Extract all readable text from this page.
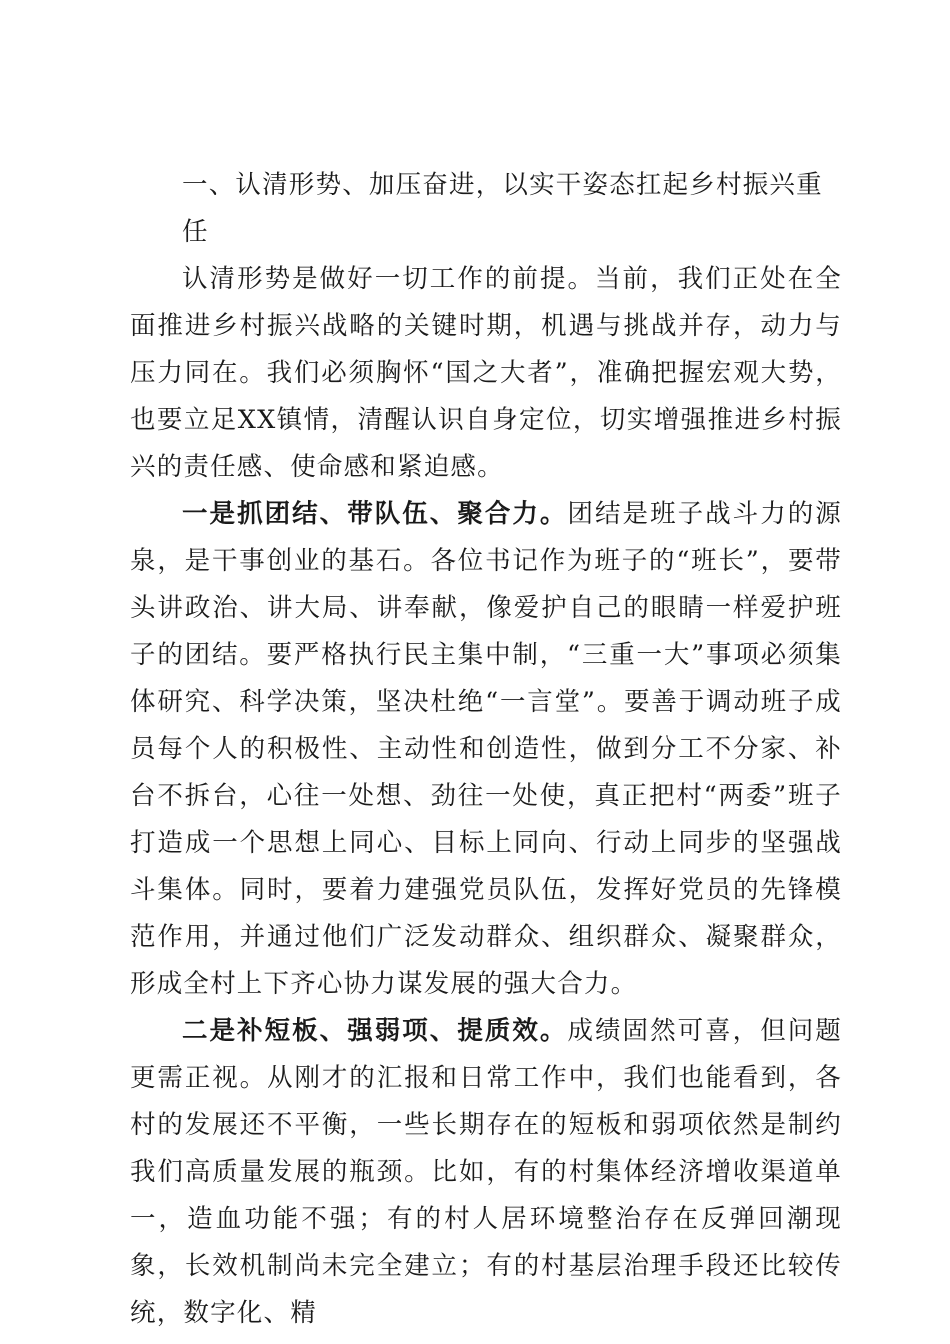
一、认清形势、加压奋进，以实干姿态扛起乡村振兴重任

认清形势是做好一切工作的前提。当前，我们正处在全面推进乡村振兴战略的关键时期，机遇与挑战并存，动力与压力同在。我们必须胸怀“国之大者”，准确把握宏观大势，也要立足XX镇情，清醒认识自身定位，切实增强推进乡村振兴的责任感、使命感和紧迫感。

一是抓团结、带队伍、聚合力。团结是班子战斗力的源泉，是干事创业的基石。各位书记作为班子的“班长”，要带头讲政治、讲大局、讲奉献，像爱护自己的眼睛一样爱护班子的团结。要严格执行民主集中制，“三重一大”事项必须集体研究、科学决策，坚决杜绝“一言堂”。要善于调动班子成员每个人的积极性、主动性和创造性，做到分工不分家、补台不拆台，心往一处想、劲往一处使，真正把村“两委”班子打造成一个思想上同心、目标上同向、行动上同步的坚强战斗集体。同时，要着力建强党员队伍，发挥好党员的先锋模范作用，并通过他们广泛发动群众、组织群众、凝聚群众，形成全村上下齐心协力谋发展的强大合力。

二是补短板、强弱项、提质效。成绩固然可喜，但问题更需正视。从刚才的汇报和日常工作中，我们也能看到，各村的发展还不平衡，一些长期存在的短板和弱项依然是制约我们高质量发展的瓶颈。比如，有的村集体经济增收渠道单一，造血功能不强；有的村人居环境整治存在反弹回潮现象，长效机制尚未完全建立；有的村基层治理手段还比较传统，数字化、精
